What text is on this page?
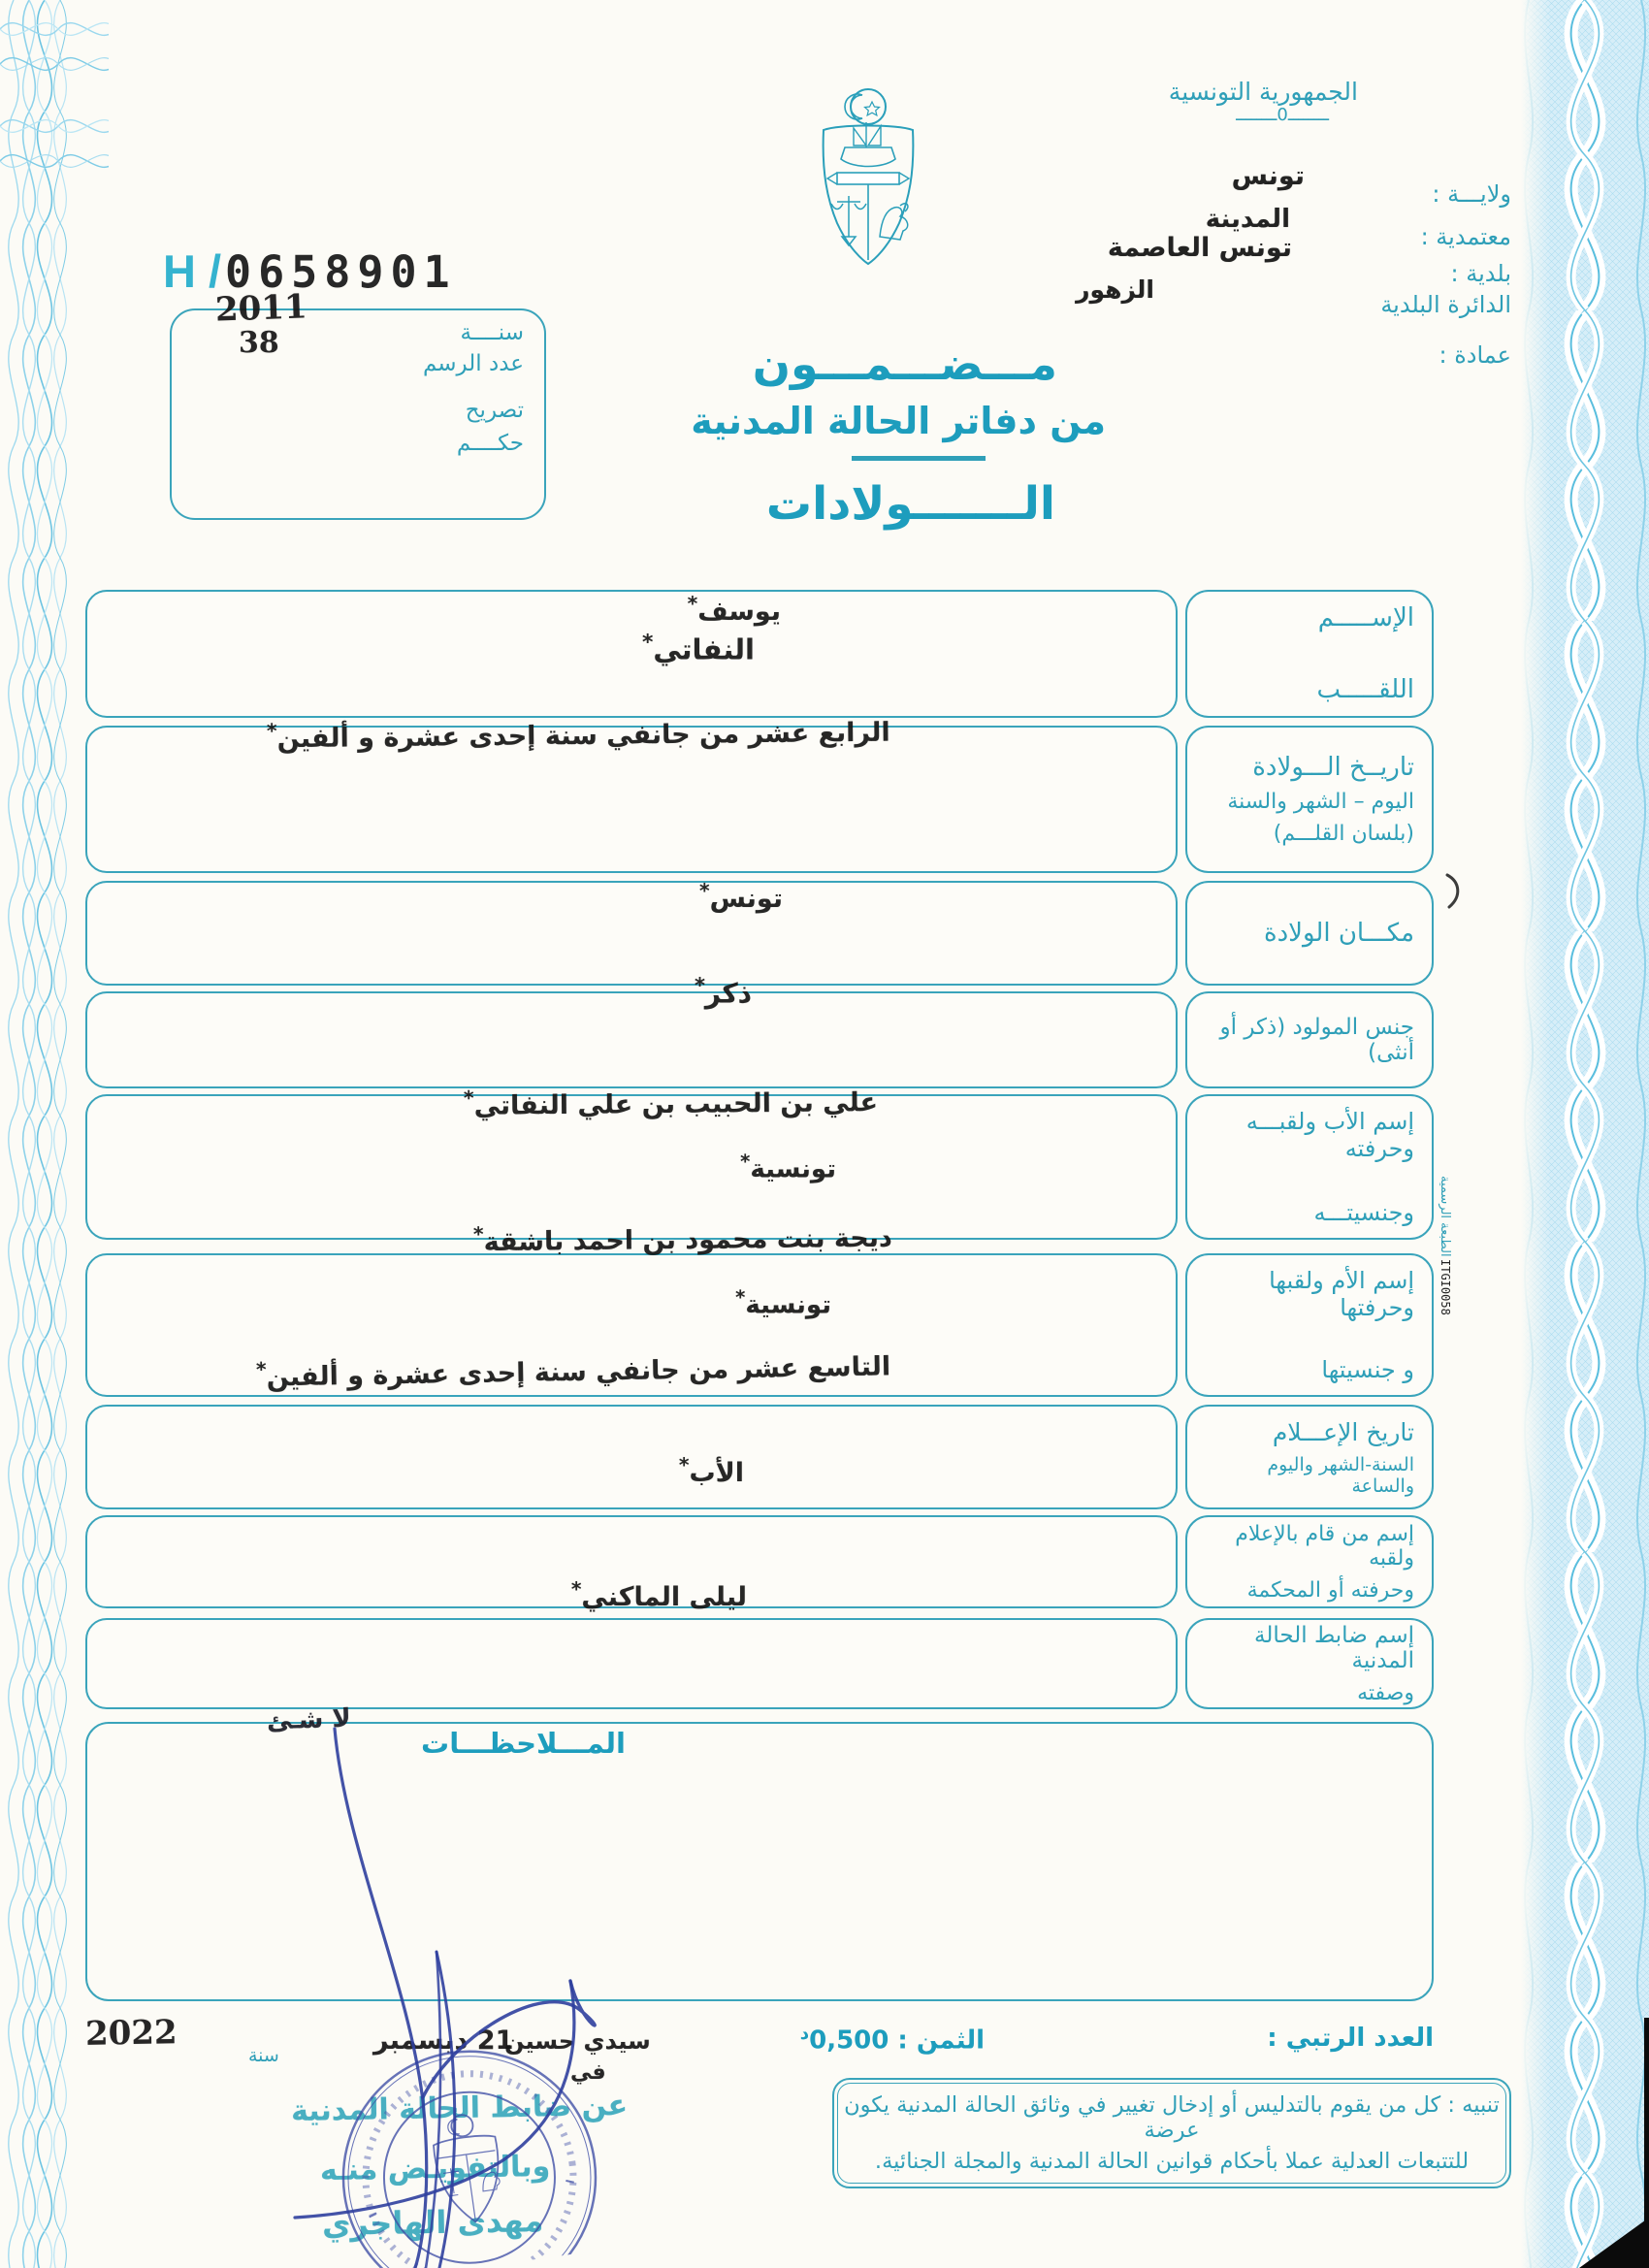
الجمهورية التونسية
ــــــــ0ــــــــ
ولايـــة :
تونس
معتمدية :
المدينة
بلدية :
تونس العاصمة
الدائرة البلدية
الزهور
عمادة :
مـــضـــمـــون
من دفاتر الحالة المدنية
الـــــــولادات
H / 0658901
2011
38	سنــــة
عدد الرسم
تصريح
حكــــم
الإســـــم
اللقـــــب
يوسف*
النفاتي*
تاريــخ الـــولادة
اليوم – الشهر والسنة
(بلسان القلـــم)
الرابع عشر من جانفي سنة إحدى عشرة و ألفين*
مكـــان الولادة
تونس*
جنس المولود (ذكر أو أنثى)
ذكر*
إسم الأب ولقبـــه وحرفته
وجنسيتـــه
علي بن الحبيب بن علي النفاتي*
تونسية*
إسم الأم ولقبها وحرفتها
و جنسيتها
ديجة بنت محمود بن احمد باشقة*
تونسية*
تاريخ الإعـــلام
السنة-الشهر واليوم والساعة
التاسع عشر من جانفي سنة إحدى عشرة و ألفين*
إسم من قام بالإعلام ولقبه
وحرفته أو المحكمة
الأب*
إسم ضابط الحالة المدنية
وصفته
ليلى الماكني*
المـــلاحظـــات
لا شـئ
العدد الرتبي :
الثمن : $0,500^د$
تنبيه : كل من يقوم بالتدليس أو إدخال تغيير في وثائق الحالة المدنية يكون عرضة
للتتبعات العدلية عملا بأحكام قوانين الحالة المدنية والمجلة الجنائية.
2022
سنة	21 ديسمبر
سيدي حسين
في
عن ضابط الحالة المدنية
وبالتفويـض منـه
مهدى الهاجري
الطبعة الرسمية
ITGI0058
